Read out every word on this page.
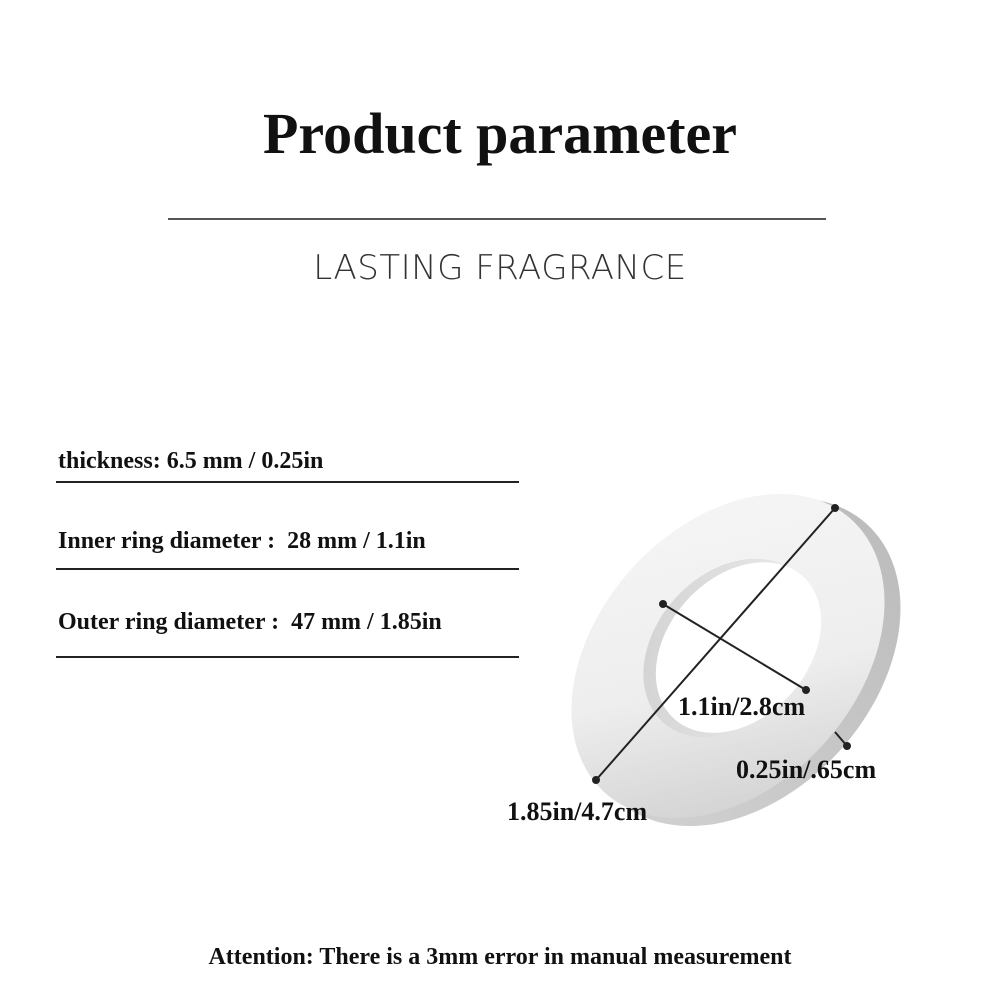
Product parameter
LASTING FRAGRANCE
thickness: 6.5 mm / 0.25in
Inner ring diameter : 28 mm / 1.1in
Outer ring diameter : 47 mm / 1.85in
1.1in/2.8cm
0.25in/.65cm
1.85in/4.7cm
Attention: There is a 3mm error in manual measurement
